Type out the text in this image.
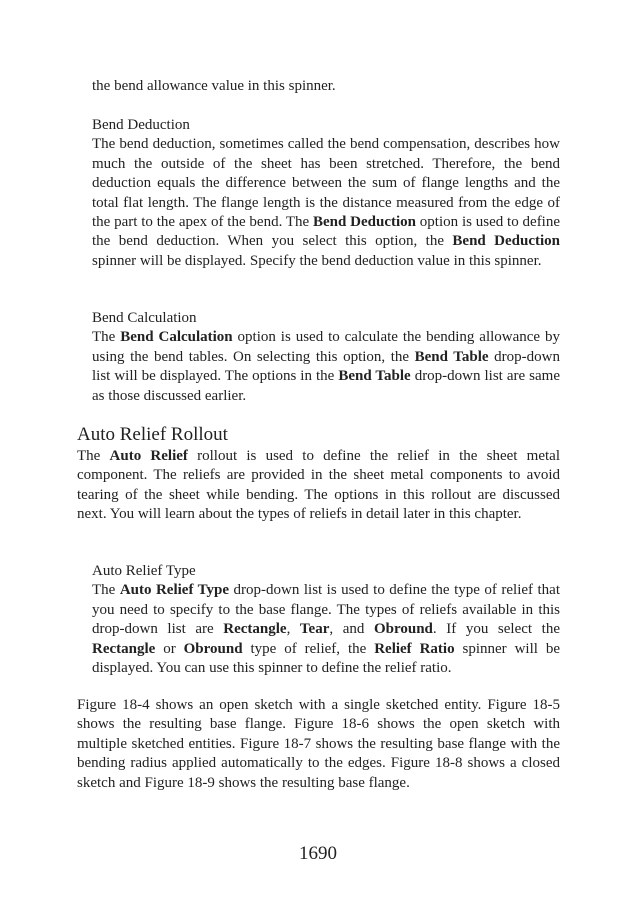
the bend allowance value in this spinner.

Bend Deduction

The bend deduction, sometimes called the bend compensation, describes how much the outside of the sheet has been stretched. Therefore, the bend deduction equals the difference between the sum of flange lengths and the total flat length. The flange length is the distance measured from the edge of the part to the apex of the bend. The Bend Deduction option is used to define the bend deduction. When you select this option, the Bend Deduction spinner will be displayed. Specify the bend deduction value in this spinner.

Bend Calculation

The Bend Calculation option is used to calculate the bending allowance by using the bend tables. On selecting this option, the Bend Table drop-down list will be displayed. The options in the Bend Table drop-down list are same as those discussed earlier.

Auto Relief Rollout

The Auto Relief rollout is used to define the relief in the sheet metal component. The reliefs are provided in the sheet metal components to avoid tearing of the sheet while bending. The options in this rollout are discussed next. You will learn about the types of reliefs in detail later in this chapter.

Auto Relief Type

The Auto Relief Type drop-down list is used to define the type of relief that you need to specify to the base flange. The types of reliefs available in this drop-down list are Rectangle, Tear, and Obround. If you select the Rectangle or Obround type of relief, the Relief Ratio spinner will be displayed. You can use this spinner to define the relief ratio.

Figure 18-4 shows an open sketch with a single sketched entity. Figure 18-5 shows the resulting base flange. Figure 18-6 shows the open sketch with multiple sketched entities. Figure 18-7 shows the resulting base flange with the bending radius applied automatically to the edges. Figure 18-8 shows a closed sketch and Figure 18-9 shows the resulting base flange.

1690
